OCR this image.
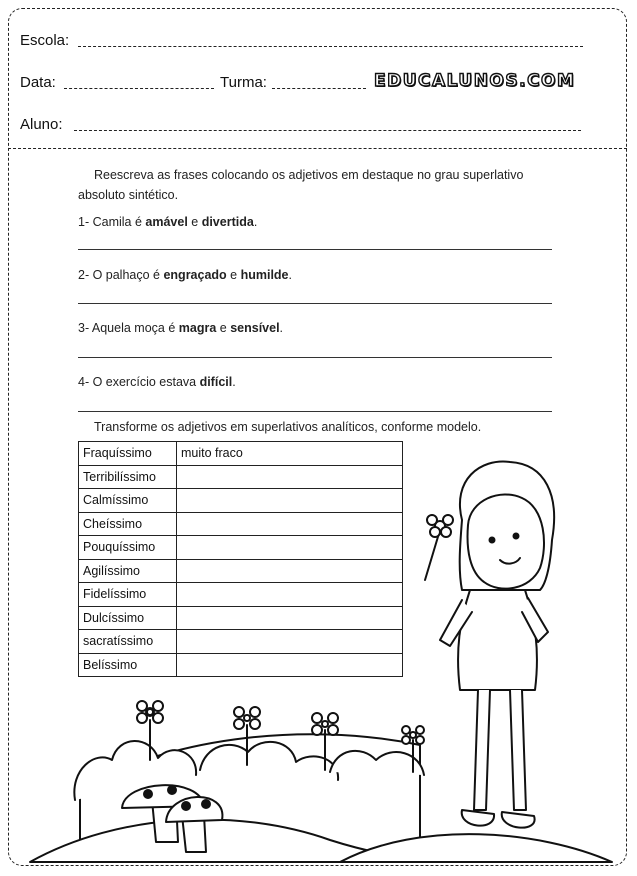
Escola:
Data:	Turma:	EDUCALUNOS.COM
Aluno:
Reescreva as frases colocando os adjetivos em destaque no grau superlativo
absoluto sintético.
1- Camila é amável e divertida.
2- O palhaço é engraçado e humilde.
3- Aquela moça é magra e sensível.
4- O exercício estava difícil.
Transforme os adjetivos em superlativos analíticos, conforme modelo.
Fraquíssimo	muito fraco
Terribilíssimo	
Calmíssimo	
Cheíssimo	
Pouquíssimo	
Agilíssimo	
Fidelíssimo	
Dulcíssimo	
sacratíssimo	
Belíssimo	
